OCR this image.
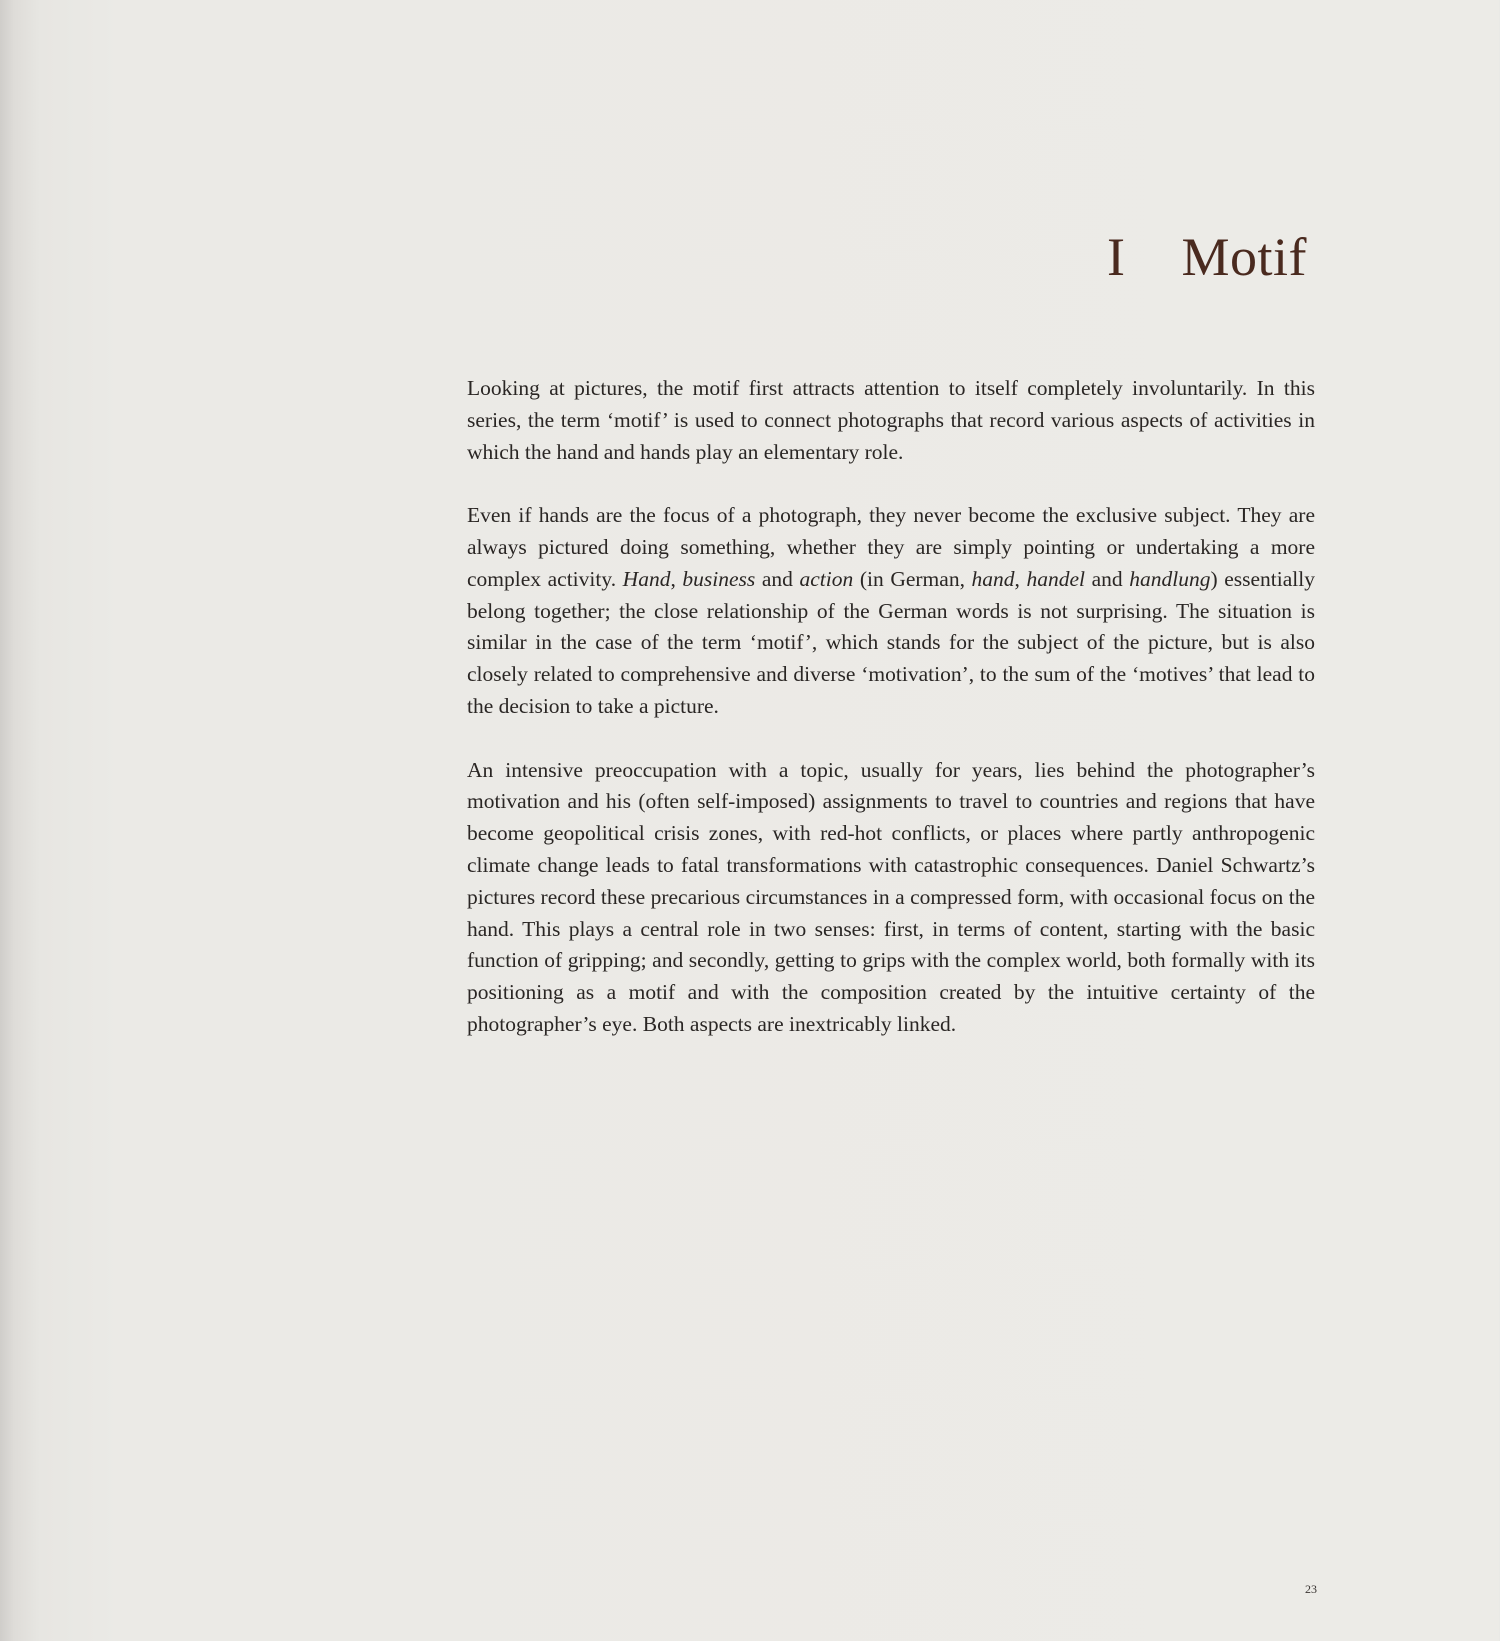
I Motif

Looking at pictures, the motif first attracts attention to itself completely involuntarily. In this series, the term ‘motif’ is used to connect photographs that record various aspects of activities in which the hand and hands play an elementary role.

Even if hands are the focus of a photograph, they never become the exclusive subject. They are always pictured doing something, whether they are simply pointing or undertaking a more complex activity. Hand, business and action (in German, hand, handel and handlung) essentially belong together; the close relationship of the German words is not surprising. The situation is similar in the case of the term ‘motif’, which stands for the subject of the picture, but is also closely related to comprehensive and diverse ‘motivation’, to the sum of the ‘motives’ that lead to the decision to take a picture.

An intensive preoccupation with a topic, usually for years, lies behind the photographer’s motivation and his (often self-imposed) assignments to travel to countries and regions that have become geopolitical crisis zones, with red-hot conflicts, or places where partly anthropogenic climate change leads to fatal transformations with catastrophic consequences. Daniel Schwartz’s pictures record these precarious circumstances in a compressed form, with occasional focus on the hand. This plays a central role in two senses: first, in terms of content, starting with the basic function of gripping; and secondly, getting to grips with the complex world, both formally with its positioning as a motif and with the composition created by the intuitive certainty of the photographer’s eye. Both aspects are inextricably linked.

23
